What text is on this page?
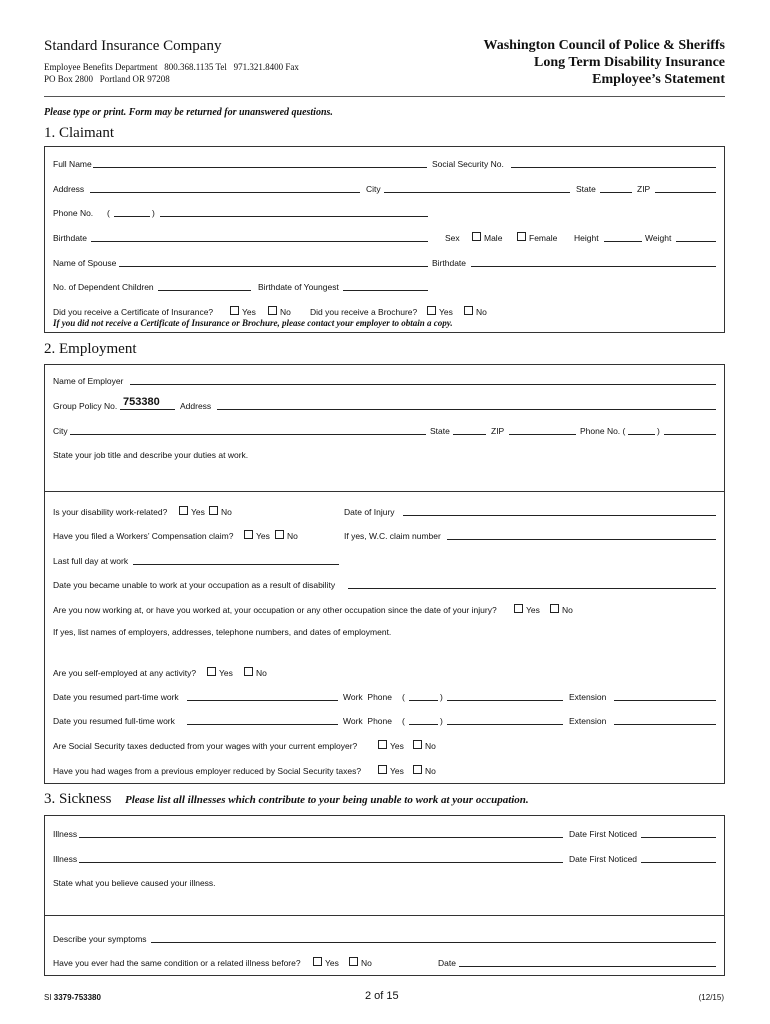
Standard Insurance Company
Employee Benefits Department   800.368.1135 Tel   971.321.8400 Fax
PO Box 2800   Portland OR 97208
Washington Council of Police & Sheriffs
Long Term Disability Insurance
Employee’s Statement
Please type or print. Form may be returned for unanswered questions.
1. Claimant
Full Name	Social Security No.
Address	City	State	ZIP
Phone No. (	)
Birthdate	Sex	Male	Female Height	Weight
Name of Spouse	Birthdate
No. of Dependent Children	Birthdate of Youngest
Did you receive a Certificate of Insurance?	Yes	No Did you receive a Brochure?	Yes	No
If you did not receive a Certificate of Insurance or Brochure, please contact your employer to obtain a copy.
2. Employment
Name of Employer
Group Policy No. 753380 Address
City	State	ZIP	Phone No. (	)
State your job title and describe your duties at work.
Is your disability work-related?	Yes No	Date of Injury
Have you filed a Workers’ Compensation claim?	Yes No	If yes, W.C. claim number
Last full day at work
Date you became unable to work at your occupation as a result of disability
Are you now working at, or have you worked at, your occupation or any other occupation since the date of your injury?	Yes	No
If yes, list names of employers, addresses, telephone numbers, and dates of employment.
Are you self-employed at any activity?	Yes	No
Date you resumed part-time work	Work  Phone (	)	Extension
Date you resumed full-time work	Work  Phone (	)	Extension
Are Social Security taxes deducted from your wages with your current employer?	Yes No
Have you had wages from a previous employer reduced by Social Security taxes?	Yes No
3. Sickness Please list all illnesses which contribute to your being unable to work at your occupation.
Illness	Date First Noticed
Illness	Date First Noticed
State what you believe caused your illness.
Describe your symptoms
Have you ever had the same condition or a related illness before?	Yes	No	Date
SI 3379-753380	2 of 15	(12/15)
